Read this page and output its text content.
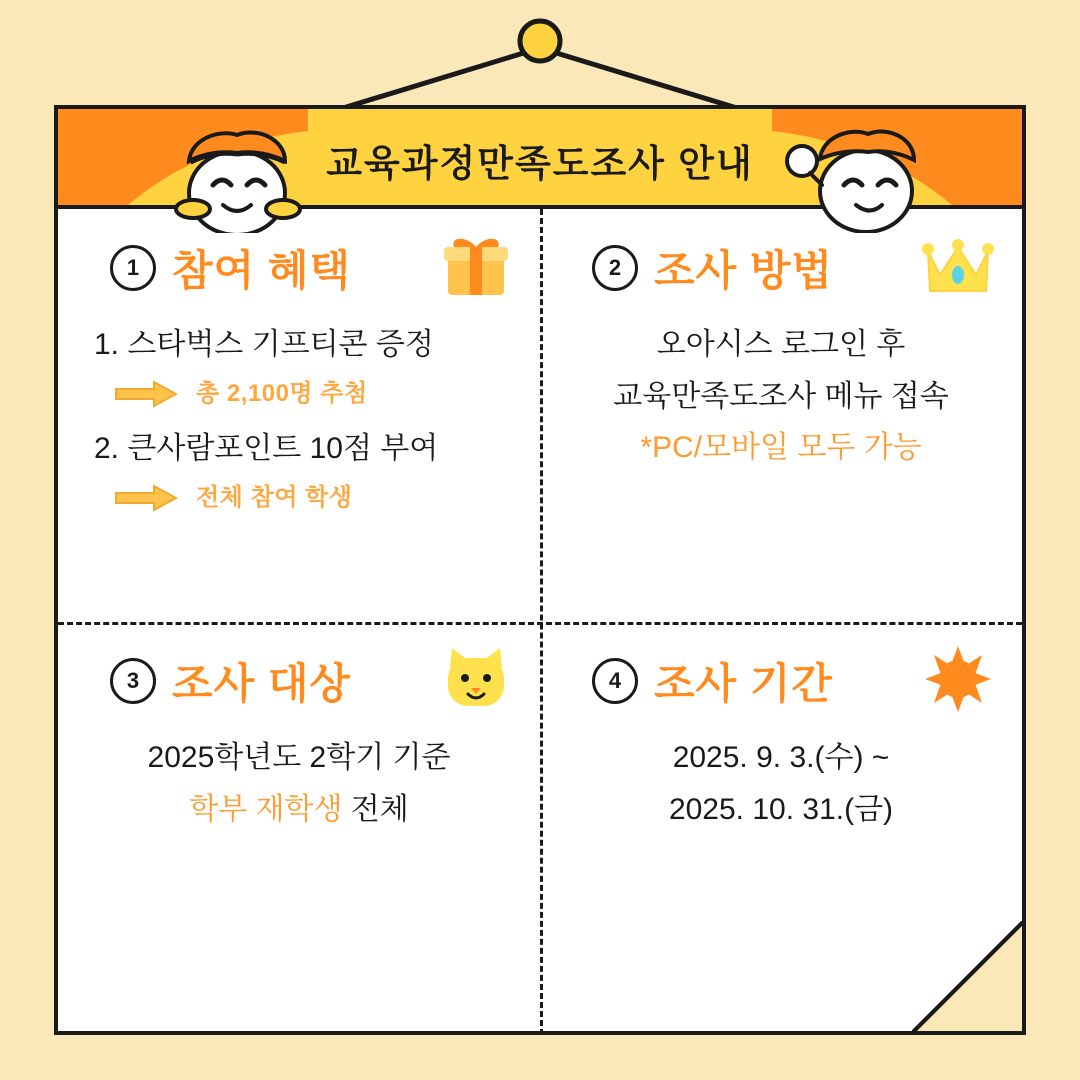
교육과정만족도조사 안내
1 참여 혜택
1. 스타벅스 기프티콘 증정
총 2,100명 추첨
2. 큰사람포인트 10점 부여
전체 참여 학생
2 조사 방법
오아시스 로그인 후
교육만족도조사 메뉴 접속
*PC/모바일 모두 가능
3 조사 대상
2025학년도 2학기 기준
학부 재학생 전체
4 조사 기간
2025. 9. 3.(수) ~
2025. 10. 31.(금)
